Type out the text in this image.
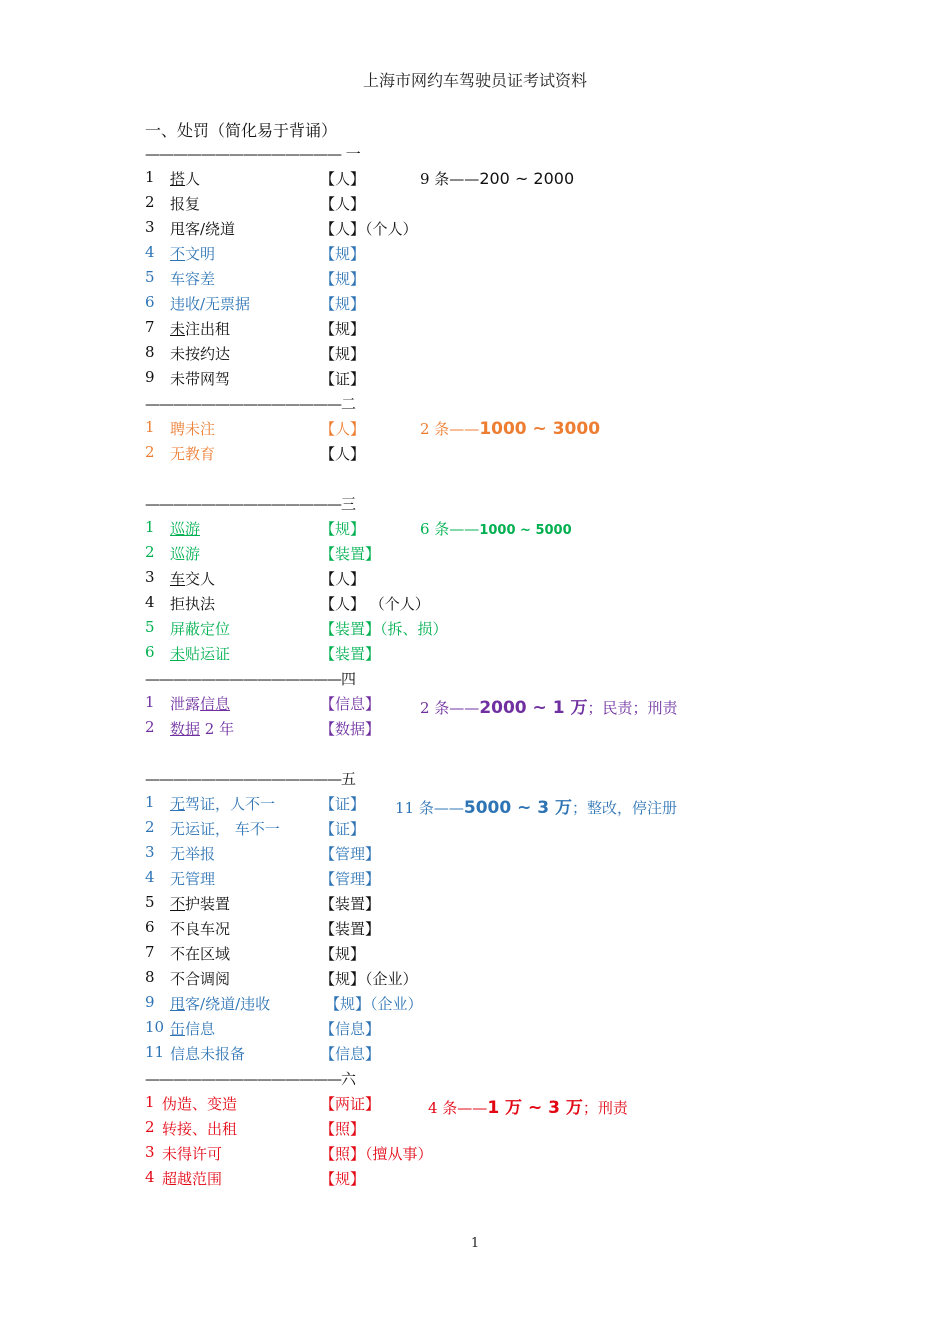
上海市网约车驾驶员证考试资料
一、处罚（简化易于背诵）
—————————————— 一
1 搭人	【人】	9 条——200 ~ 2000
2 报复	【人】
3 甩客/绕道	【人】（个人）
4 不文明	【规】
5 车容差	【规】
6 违收/无票据	【规】
7 未注出租	【规】
8 未按约达	【规】
9 未带网驾	【证】
——————————————二
1 聘未注	【人】	2 条——1000 ~ 3000
2 无教育	【人】
——————————————三
1 巡游	【规】	6 条——1000 ~ 5000
2 巡游	【装置】
3 车交人	【人】
4 拒执法	【人】 （个人）
5 屏蔽定位	【装置】（拆、损）
6 未贴运证	【装置】
——————————————四
1 泄露信息	【信息】	2 条——2000 ~ 1 万；民责；刑责
2 数据 2 年	【数据】
——————————————五
1 无驾证，人不一	【证】 11 条——5000 ~ 3 万；整改，停注册
2 无运证， 车不一	【证】
3 无举报	【管理】
4 无管理	【管理】
5 不护装置	【装置】
6 不良车况	【装置】
7 不在区域	【规】
8 不合调阅	【规】（企业）
9 甩客/绕道/违收	【规】（企业）
10 缶信息	【信息】
11 信息未报备	【信息】
——————————————六
1 伪造、变造	【两证】	4 条——1 万 ~ 3 万；刑责
2 转接、出租	【照】
3 未得许可	【照】（擅从事）
4 超越范围	【规】
1
